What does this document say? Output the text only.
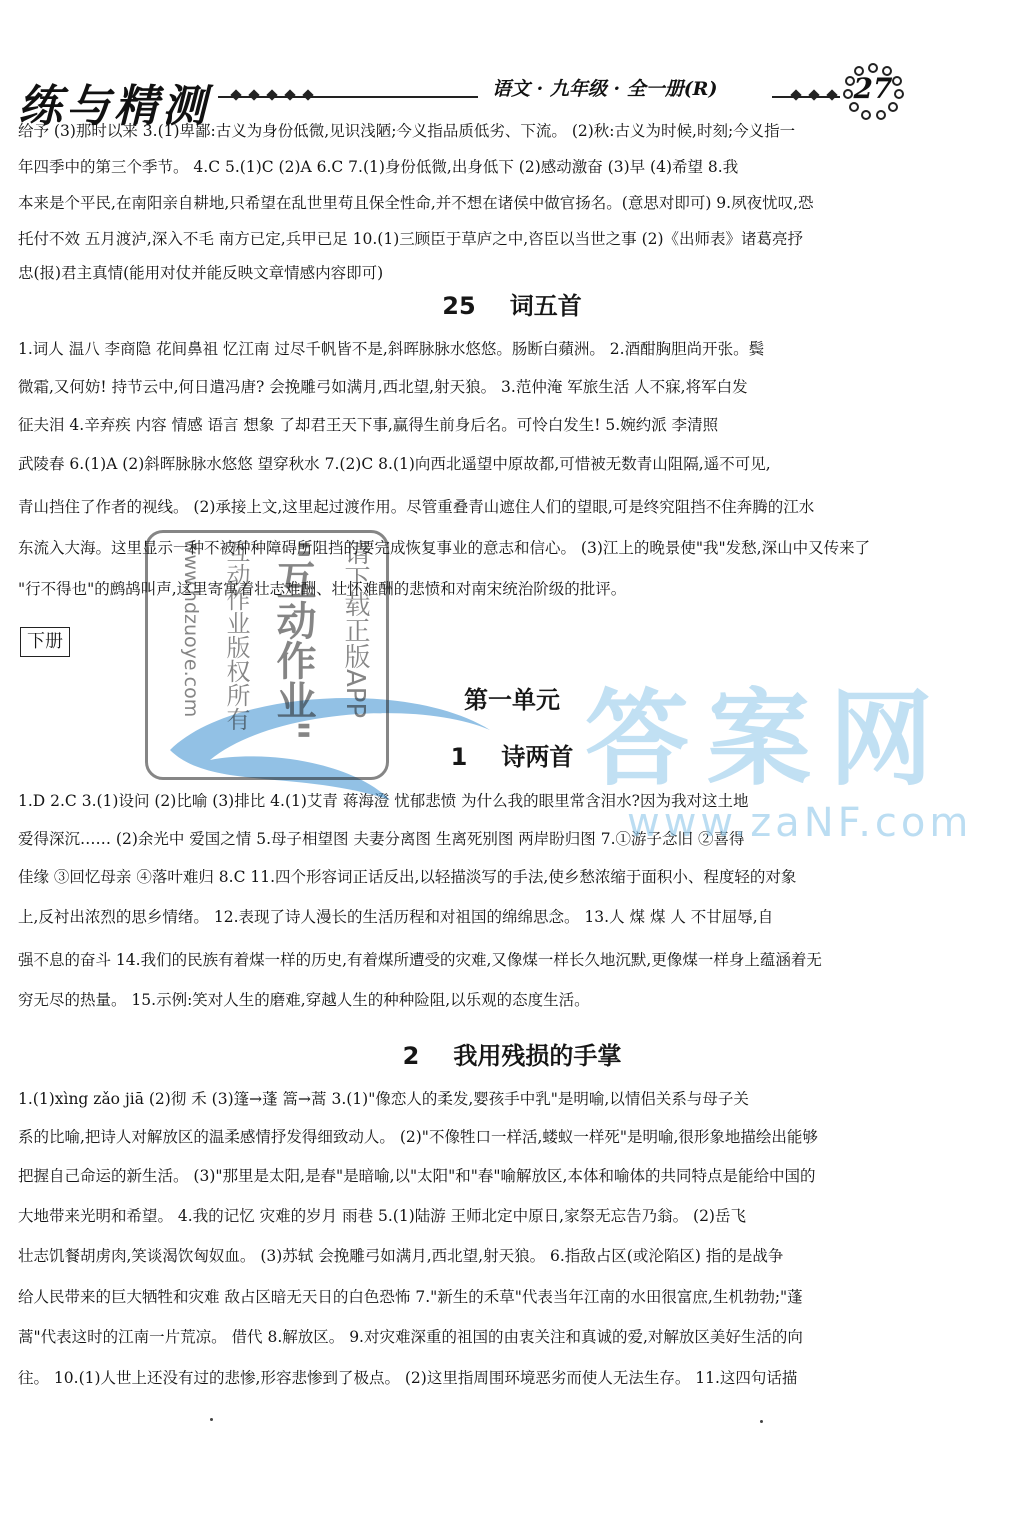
练与精测	语文 · 九年级 · 全一册(R)	27
给予 (3)那时以来 3.(1)卑鄙:古义为身份低微,见识浅陋;今义指品质低劣、下流。 (2)秋:古义为时候,时刻;今义指一
年四季中的第三个季节。 4.C 5.(1)C (2)A 6.C 7.(1)身份低微,出身低下 (2)感动激奋 (3)早 (4)希望 8.我
本来是个平民,在南阳亲自耕地,只希望在乱世里苟且保全性命,并不想在诸侯中做官扬名。(意思对即可) 9.夙夜忧叹,恐
托付不效 五月渡泸,深入不毛 南方已定,兵甲已足 10.(1)三顾臣于草庐之中,咨臣以当世之事 (2)《出师表》诸葛亮抒
忠(报)君主真情(能用对仗并能反映文章情感内容即可)
25 词五首
1.词人 温八 李商隐 花间鼻祖 忆江南 过尽千帆皆不是,斜晖脉脉水悠悠。肠断白蘋洲。 2.酒酣胸胆尚开张。鬓
微霜,又何妨! 持节云中,何日遣冯唐? 会挽雕弓如满月,西北望,射天狼。 3.范仲淹 军旅生活 人不寐,将军白发
征夫泪 4.辛弃疾 内容 情感 语言 想象 了却君王天下事,赢得生前身后名。可怜白发生! 5.婉约派 李清照
武陵春 6.(1)A (2)斜晖脉脉水悠悠 望穿秋水 7.(2)C 8.(1)向西北遥望中原故都,可惜被无数青山阻隔,遥不可见,
青山挡住了作者的视线。 (2)承接上文,这里起过渡作用。尽管重叠青山遮住人们的望眼,可是终究阻挡不住奔腾的江水
东流入大海。这里显示一种不被种种障碍所阻挡的要完成恢复事业的意志和信心。 (3)江上的晚景使"我"发愁,深山中又传来了
"行不得也"的鹧鸪叫声,这里寄寓着壮志难酬、壮怀难酬的悲愤和对南宋统治阶级的批评。
下册
第一单元
1 诗两首
1.D 2.C 3.(1)设问 (2)比喻 (3)排比 4.(1)艾青 蒋海澄 忧郁悲愤 为什么我的眼里常含泪水?因为我对这土地
爱得深沉…… (2)余光中 爱国之情 5.母子相望图 夫妻分离图 生离死别图 两岸盼归图 7.①游子念旧 ②喜得
佳缘 ③回忆母亲 ④落叶难归 8.C 11.四个形容词正话反出,以轻描淡写的手法,使乡愁浓缩于面积小、程度轻的对象
上,反衬出浓烈的思乡情绪。 12.表现了诗人漫长的生活历程和对祖国的绵绵思念。 13.人 煤 煤 人 不甘屈辱,自
强不息的奋斗 14.我们的民族有着煤一样的历史,有着煤所遭受的灾难,又像煤一样长久地沉默,更像煤一样身上蕴涵着无
穷无尽的热量。 15.示例:笑对人生的磨难,穿越人生的种种险阻,以乐观的态度生活。
2 我用残损的手掌
1.(1)xìng zǎo jiā (2)彻 禾 (3)篷→蓬 篙→蒿 3.(1)"像恋人的柔发,婴孩手中乳"是明喻,以情侣关系与母子关
系的比喻,把诗人对解放区的温柔感情抒发得细致动人。 (2)"不像牲口一样活,蝼蚁一样死"是明喻,很形象地描绘出能够
把握自己命运的新生活。 (3)"那里是太阳,是春"是暗喻,以"太阳"和"春"喻解放区,本体和喻体的共同特点是能给中国的
大地带来光明和希望。 4.我的记忆 灾难的岁月 雨巷 5.(1)陆游 王师北定中原日,家祭无忘告乃翁。 (2)岳飞
壮志饥餐胡虏肉,笑谈渴饮匈奴血。 (3)苏轼 会挽雕弓如满月,西北望,射天狼。 6.指敌占区(或沦陷区) 指的是战争
给人民带来的巨大牺牲和灾难 敌占区暗无天日的白色恐怖 7."新生的禾草"代表当年江南的水田很富庶,生机勃勃;"蓬
蒿"代表这时的江南一片荒凉。 借代 8.解放区。 9.对灾难深重的祖国的由衷关注和真诚的爱,对解放区美好生活的向
往。 10.(1)人世上还没有过的悲惨,形容悲惨到了极点。 (2)这里指周围环境恶劣而使人无法生存。 11.这四句话描
请下载正版APP
"互动作业"
互动作业版权所有
www.hdzuoye.com
答案网
www.zaNF.com
